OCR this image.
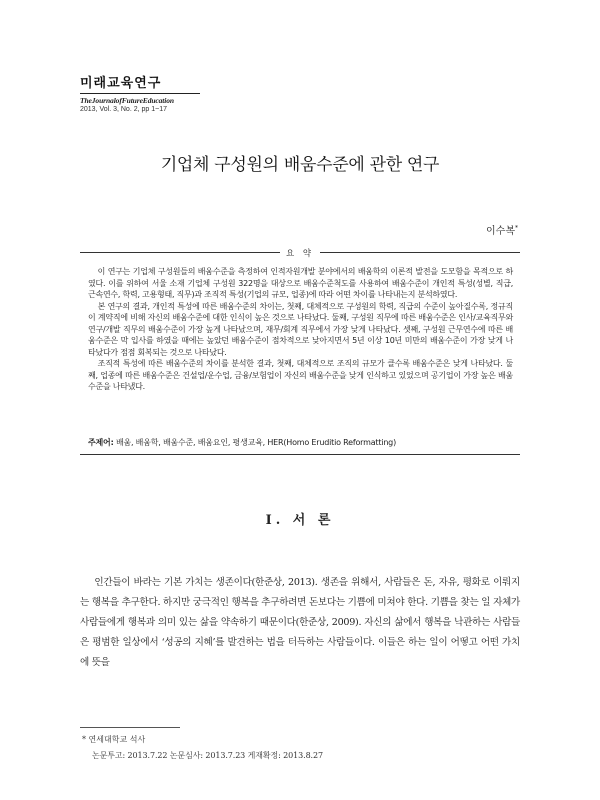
미래교육연구
TheJournalofFutureEducation
2013, Vol. 3, No. 2, pp 1~17
기업체 구성원의 배움수준에 관한 연구
이수복*
요 약

이 연구는 기업체 구성원들의 배움수준을 측정하여 인적자원개발 분야에서의 배움학의 이론적 발전을 도모함을 목적으로 하였다. 이를 위하여 서울 소재 기업체 구성원 322명을 대상으로 배움수준척도를 사용하여 배움수준이 개인적 특성(성별, 직급, 근속연수, 학력, 고용형태, 직무)과 조직적 특성(기업의 규모, 업종)에 따라 어떤 차이를 나타내는지 분석하였다.

본 연구의 결과, 개인적 특성에 따른 배움수준의 차이는, 첫째, 대체적으로 구성원의 학력, 직급의 수준이 높아질수록, 정규직이 계약직에 비해 자신의 배움수준에 대한 인식이 높은 것으로 나타났다. 둘째, 구성원 직무에 따른 배움수준은 인사/교육직무와 연구/개발 직무의 배움수준이 가장 높게 나타났으며, 재무/회계 직무에서 가장 낮게 나타났다. 셋째, 구성원 근무연수에 따른 배움수준은 막 입사를 하였을 때에는 높았던 배움수준이 점차적으로 낮아지면서 5년 이상 10년 미만의 배움수준이 가장 낮게 나타났다가 점점 회복되는 것으로 나타났다.

조직적 특성에 따른 배움수준의 차이를 분석한 결과, 첫째, 대체적으로 조직의 규모가 클수록 배움수준은 낮게 나타났다. 둘째, 업종에 따른 배움수준은 건설업/운수업, 금융/보험업이 자신의 배움수준을 낮게 인식하고 있었으며 공기업이 가장 높은 배움수준을 나타냈다.

주제어: 배움, 배움학, 배움수준, 배움요인, 평생교육, HER(Homo Eruditio Reformatting)
Ⅰ. 서 론

인간들이 바라는 기본 가치는 생존이다(한준상, 2013). 생존을 위해서, 사람들은 돈, 자유, 평화로 이뤄지는 행복을 추구한다. 하지만 궁극적인 행복을 추구하려면 돈보다는 기쁨에 미쳐야 한다. 기쁨을 찾는 일 자체가 사람들에게 행복과 의미 있는 삶을 약속하기 때문이다(한준상, 2009). 자신의 삶에서 행복을 낙관하는 사람들은 평범한 일상에서 ‘성공의 지혜’를 발견하는 법을 터득하는 사람들이다. 이들은 하는 일이 어떻고 어떤 가치에 뜻을

* 연세대학교 석사
논문투고: 2013.7.22 논문심사: 2013.7.23 게재확정: 2013.8.27
